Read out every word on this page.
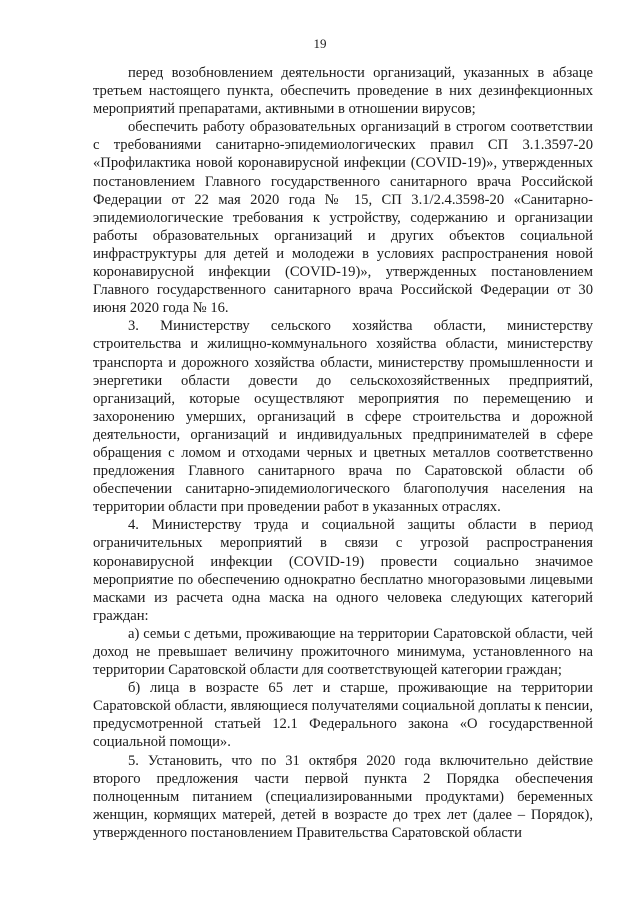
19

перед возобновлением деятельности организаций, указанных в абзаце третьем настоящего пункта, обеспечить проведение в них дезинфекционных мероприятий препаратами, активными в отношении вирусов;

обеспечить работу образовательных организаций в строгом соответствии с требованиями санитарно-эпидемиологических правил СП 3.1.3597-20 «Профилактика новой коронавирусной инфекции (COVID-19)», утвержденных постановлением Главного государственного санитарного врача Российской Федерации от 22 мая 2020 года № 15, СП 3.1/2.4.3598-20 «Санитарно-эпидемиологические требования к устройству, содержанию и организации работы образовательных организаций и других объектов социальной инфраструктуры для детей и молодежи в условиях распространения новой коронавирусной инфекции (COVID-19)», утвержденных постановлением Главного государственного санитарного врача Российской Федерации от 30 июня 2020 года № 16.

3. Министерству сельского хозяйства области, министерству строительства и жилищно-коммунального хозяйства области, министерству транспорта и дорожного хозяйства области, министерству промышленности и энергетики области довести до сельскохозяйственных предприятий, организаций, которые осуществляют мероприятия по перемещению и захоронению умерших, организаций в сфере строительства и дорожной деятельности, организаций и индивидуальных предпринимателей в сфере обращения с ломом и отходами черных и цветных металлов соответственно предложения Главного санитарного врача по Саратовской области об обеспечении санитарно-эпидемиологического благополучия населения на территории области при проведении работ в указанных отраслях.

4. Министерству труда и социальной защиты области в период ограничительных мероприятий в связи с угрозой распространения коронавирусной инфекции (COVID-19) провести социально значимое мероприятие по обеспечению однократно бесплатно многоразовыми лицевыми масками из расчета одна маска на одного человека следующих категорий граждан:

а) семьи с детьми, проживающие на территории Саратовской области, чей доход не превышает величину прожиточного минимума, установленного на территории Саратовской области для соответствующей категории граждан;

б) лица в возрасте 65 лет и старше, проживающие на территории Саратовской области, являющиеся получателями социальной доплаты к пенсии, предусмотренной статьей 12.1 Федерального закона «О государственной социальной помощи».

5. Установить, что по 31 октября 2020 года включительно действие второго предложения части первой пункта 2 Порядка обеспечения полноценным питанием (специализированными продуктами) беременных женщин, кормящих матерей, детей в возрасте до трех лет (далее – Порядок), утвержденного постановлением Правительства Саратовской области
